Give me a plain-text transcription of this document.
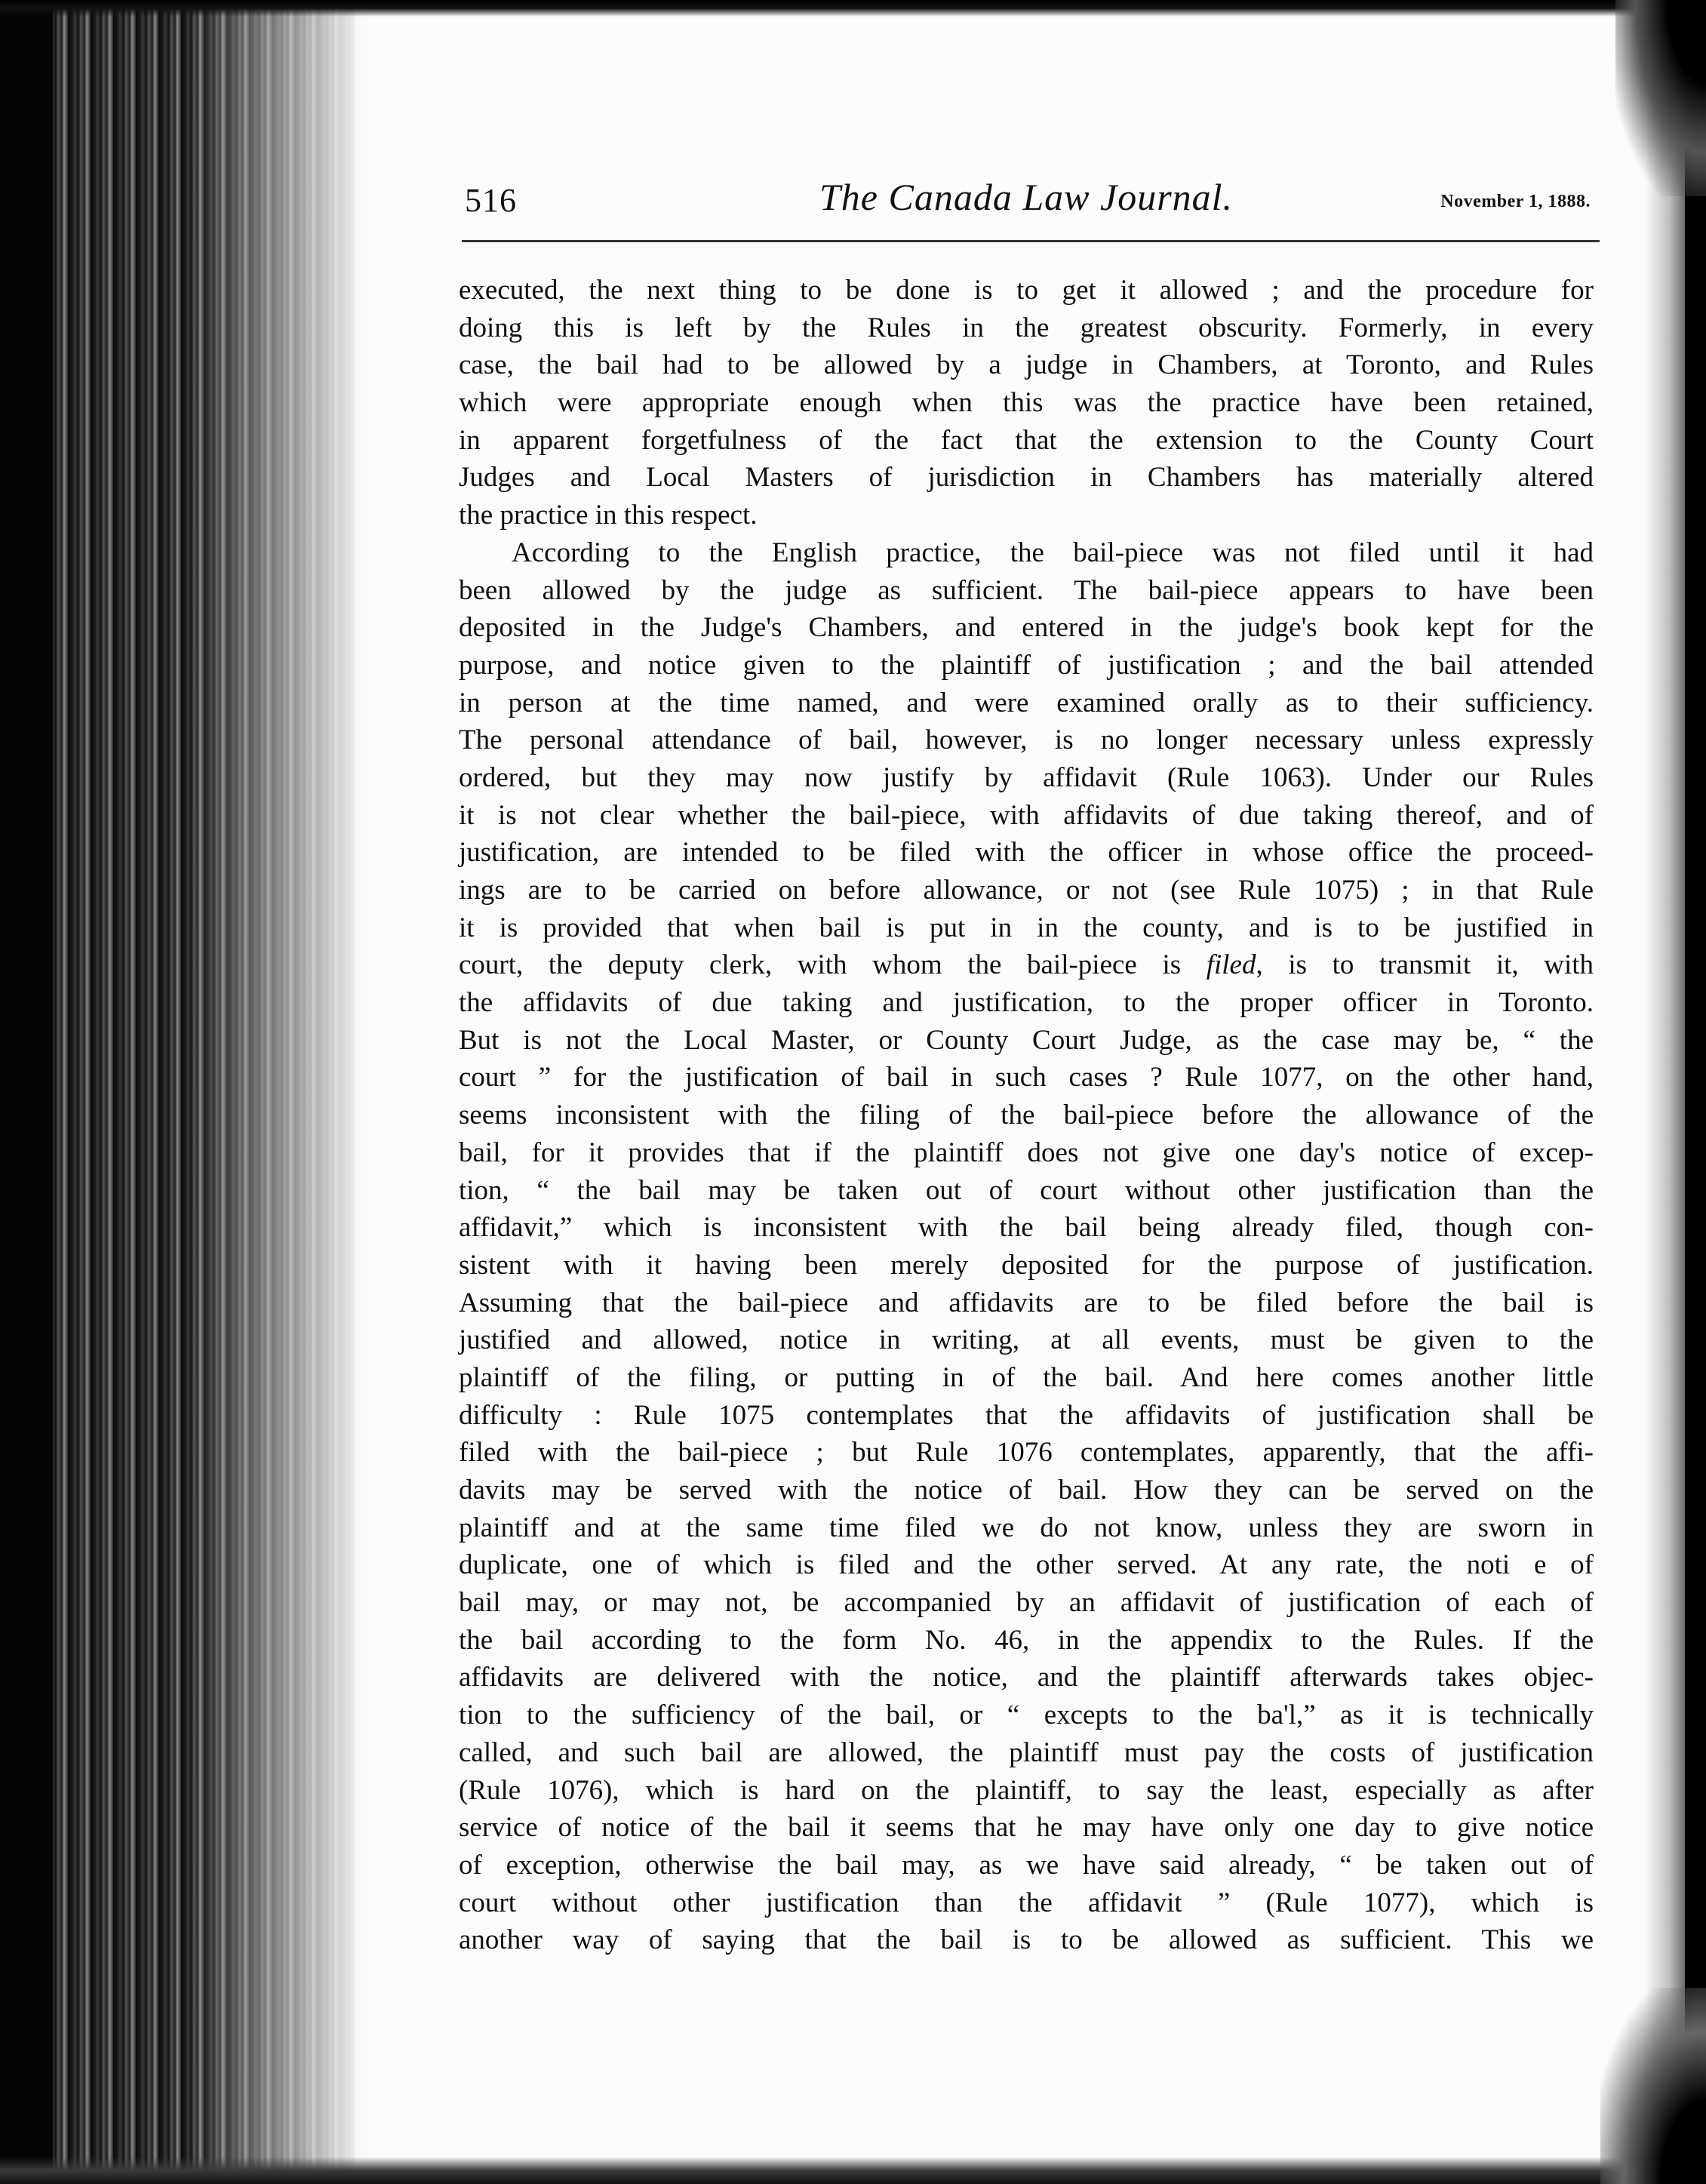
516	The Canada Law Journal.	November 1, 1888.
executed, the next thing to be done is to get it allowed ; and the procedure for
doing this is left by the Rules in the greatest obscurity. Formerly, in every
case, the bail had to be allowed by a judge in Chambers, at Toronto, and Rules
which were appropriate enough when this was the practice have been retained,
in apparent forgetfulness of the fact that the extension to the County Court
Judges and Local Masters of jurisdiction in Chambers has materially altered
the practice in this respect.
According to the English practice, the bail-piece was not filed until it had
been allowed by the judge as sufficient. The bail-piece appears to have been
deposited in the Judge's Chambers, and entered in the judge's book kept for the
purpose, and notice given to the plaintiff of justification ; and the bail attended
in person at the time named, and were examined orally as to their sufficiency.
The personal attendance of bail, however, is no longer necessary unless expressly
ordered, but they may now justify by affidavit (Rule 1063). Under our Rules
it is not clear whether the bail-piece, with affidavits of due taking thereof, and of
justification, are intended to be filed with the officer in whose office the proceed-
ings are to be carried on before allowance, or not (see Rule 1075) ; in that Rule
it is provided that when bail is put in in the county, and is to be justified in
court, the deputy clerk, with whom the bail-piece is filed, is to transmit it, with
the affidavits of due taking and justification, to the proper officer in Toronto.
But is not the Local Master, or County Court Judge, as the case may be, “ the
court ” for the justification of bail in such cases ? Rule 1077, on the other hand,
seems inconsistent with the filing of the bail-piece before the allowance of the
bail, for it provides that if the plaintiff does not give one day's notice of excep-
tion, “ the bail may be taken out of court without other justification than the
affidavit,” which is inconsistent with the bail being already filed, though con-
sistent with it having been merely deposited for the purpose of justification.
Assuming that the bail-piece and affidavits are to be filed before the bail is
justified and allowed, notice in writing, at all events, must be given to the
plaintiff of the filing, or putting in of the bail. And here comes another little
difficulty : Rule 1075 contemplates that the affidavits of justification shall be
filed with the bail-piece ; but Rule 1076 contemplates, apparently, that the affi-
davits may be served with the notice of bail. How they can be served on the
plaintiff and at the same time filed we do not know, unless they are sworn in
duplicate, one of which is filed and the other served. At any rate, the noti e of
bail may, or may not, be accompanied by an affidavit of justification of each of
the bail according to the form No. 46, in the appendix to the Rules. If the
affidavits are delivered with the notice, and the plaintiff afterwards takes objec-
tion to the sufficiency of the bail, or “ excepts to the ba'l,” as it is technically
called, and such bail are allowed, the plaintiff must pay the costs of justification
(Rule 1076), which is hard on the plaintiff, to say the least, especially as after
service of notice of the bail it seems that he may have only one day to give notice
of exception, otherwise the bail may, as we have said already, “ be taken out of
court without other justification than the affidavit ” (Rule 1077), which is
another way of saying that the bail is to be allowed as sufficient. This we
